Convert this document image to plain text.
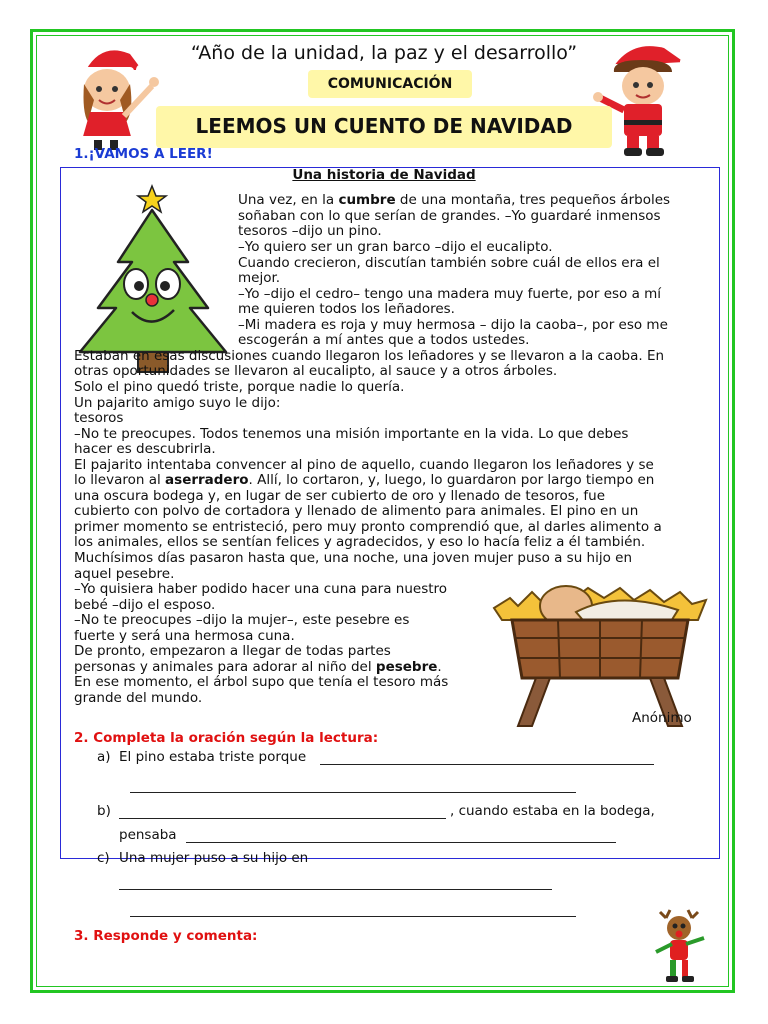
“Año de la unidad, la paz y el desarrollo”
COMUNICACIÓN
LEEMOS UN CUENTO DE NAVIDAD
1.¡VAMOS A LEER!
Una historia de Navidad
Una vez, en la cumbre de una montaña, tres pequeños árboles
soñaban con lo que serían de grandes. –Yo guardaré inmensos
tesoros –dijo un pino.
–Yo quiero ser un gran barco –dijo el eucalipto.
Cuando crecieron, discutían también sobre cuál de ellos era el
mejor.
–Yo –dijo el cedro– tengo una madera muy fuerte, por eso a mí
me quieren todos los leñadores.
–Mi madera es roja y muy hermosa – dijo la caoba–, por eso me
escogerán a mí antes que a todos ustedes.
Estaban en esas discusiones cuando llegaron los leñadores y se llevaron a la caoba. En
otras oportunidades se llevaron al eucalipto, al sauce y a otros árboles.
Solo el pino quedó triste, porque nadie lo quería.
Un pajarito amigo suyo le dijo:
tesoros
–No te preocupes. Todos tenemos una misión importante en la vida. Lo que debes
hacer es descubrirla.
El pajarito intentaba convencer al pino de aquello, cuando llegaron los leñadores y se
lo llevaron al aserradero. Allí, lo cortaron, y, luego, lo guardaron por largo tiempo en
una oscura bodega y, en lugar de ser cubierto de oro y llenado de tesoros, fue
cubierto con polvo de cortadora y llenado de alimento para animales. El pino en un
primer momento se entristeció, pero muy pronto comprendió que, al darles alimento a
los animales, ellos se sentían felices y agradecidos, y eso lo hacía feliz a él también.
Muchísimos días pasaron hasta que, una noche, una joven mujer puso a su hijo en
aquel pesebre.
–Yo quisiera haber podido hacer una cuna para nuestro
bebé –dijo el esposo.
–No te preocupes –dijo la mujer–, este pesebre es
fuerte y será una hermosa cuna.
De pronto, empezaron a llegar de todas partes
personas y animales para adorar al niño del pesebre.
En ese momento, el árbol supo que tenía el tesoro más
grande del mundo.
Anónimo
2. Completa la oración según la lectura:
a) El pino estaba triste porque
b)	, cuando estaba en la bodega,
pensaba
c) Una mujer puso a su hijo en
3. Responde y comenta:
